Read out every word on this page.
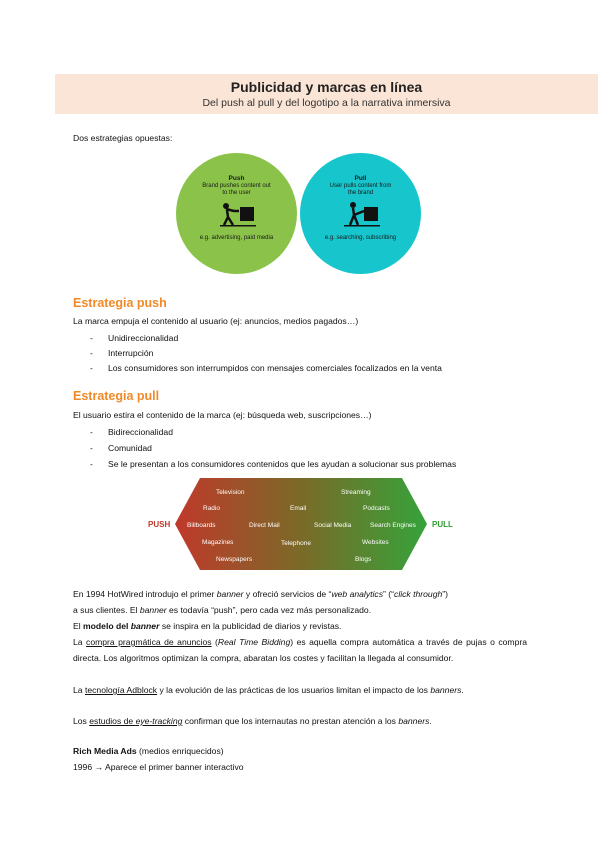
Publicidad y marcas en línea
Del push al pull y del logotipo a la narrativa inmersiva
Dos estrategias opuestas:
Push
Brand pushes content out
to the user
e.g. advertising, paid media
Pull
User pulls content from
the brand
e.g. searching, subscribing
Estrategia push
La marca empuja el contenido al usuario (ej: anuncios, medios pagados…)
- Unidireccionalidad
- Interrupción
- Los consumidores son interrumpidos con mensajes comerciales focalizados en la venta
Estrategia pull
El usuario estira el contenido de la marca (ej: búsqueda web, suscripciones…)
- Bidireccionalidad
- Comunidad
- Se le presentan a los consumidores contenidos que les ayudan a solucionar sus problemas
PUSH	PULL
Television	Streaming
Radio	Email	Podcasts
Billboards	Direct Mail	Social Media	Search Engines
Magazines	Telephone	Websites
Newspapers	Blogs
En 1994 HotWired introdujo el primer banner y ofreció servicios de “web analytics” (“click through”)
a sus clientes. El banner es todavía “push”, pero cada vez más personalizado.
El modelo del banner se inspira en la publicidad de diarios y revistas.
La compra pragmática de anuncios (Real Time Bidding) es aquella compra automática a través de pujas o compra directa. Los algoritmos optimizan la compra, abaratan los costes y facilitan la llegada al consumidor.
La tecnología Adblock y la evolución de las prácticas de los usuarios limitan el impacto de los banners.
Los estudios de eye-tracking confirman que los internautas no prestan atención a los banners.
Rich Media Ads (medios enriquecidos)
1996 → Aparece el primer banner interactivo
